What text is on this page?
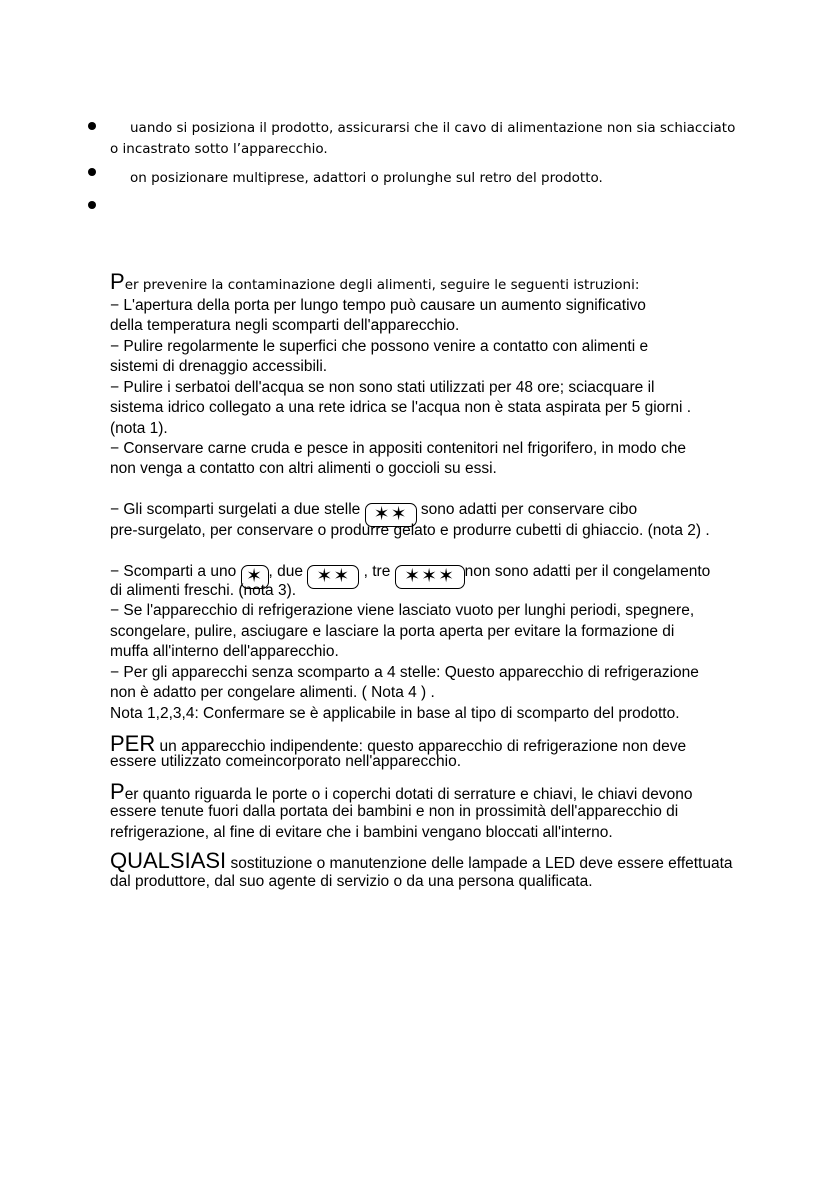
uando si posiziona il prodotto, assicurarsi che il cavo di alimentazione non sia schiacciato
o incastrato sotto l’apparecchio.
on posizionare multiprese, adattori o prolunghe sul retro del prodotto.
Per prevenire la contaminazione degli alimenti, seguire le seguenti istruzioni:
− L'apertura della porta per lungo tempo può causare un aumento significativo
della temperatura negli scomparti dell'apparecchio.
− Pulire regolarmente le superfici che possono venire a contatto con alimenti e
sistemi di drenaggio accessibili.
− Pulire i serbatoi dell'acqua se non sono stati utilizzati per 48 ore; sciacquare il
sistema idrico collegato a una rete idrica se l'acqua non è stata aspirata per 5 giorni .
(nota 1).
− Conservare carne cruda e pesce in appositi contenitori nel frigorifero, in modo che
non venga a contatto con altri alimenti o goccioli su essi.
− Gli scomparti surgelati a due stelle ✶✶ sono adatti per conservare cibo
pre-surgelato, per conservare o produrre gelato e produrre cubetti di ghiaccio. (nota 2) .
− Scomparti a uno ✶ , due ✶✶ , tre ✶✶✶ non sono adatti per il congelamento
di alimenti freschi. (nota 3).
− Se l'apparecchio di refrigerazione viene lasciato vuoto per lunghi periodi, spegnere,
scongelare, pulire, asciugare e lasciare la porta aperta per evitare la formazione di
muffa all'interno dell'apparecchio.
− Per gli apparecchi senza scomparto a 4 stelle: Questo apparecchio di refrigerazione
non è adatto per congelare alimenti. ( Nota 4 ) .
Nota 1,2,3,4: Confermare se è applicabile in base al tipo di scomparto del prodotto.
PER un apparecchio indipendente: questo apparecchio di refrigerazione non deve
essere utilizzato comeincorporato nell'apparecchio.
Per quanto riguarda le porte o i coperchi dotati di serrature e chiavi, le chiavi devono
essere tenute fuori dalla portata dei bambini e non in prossimità dell'apparecchio di
refrigerazione, al fine di evitare che i bambini vengano bloccati all'interno.
QUALSIASI sostituzione o manutenzione delle lampade a LED deve essere effettuata
dal produttore, dal suo agente di servizio o da una persona qualificata.
